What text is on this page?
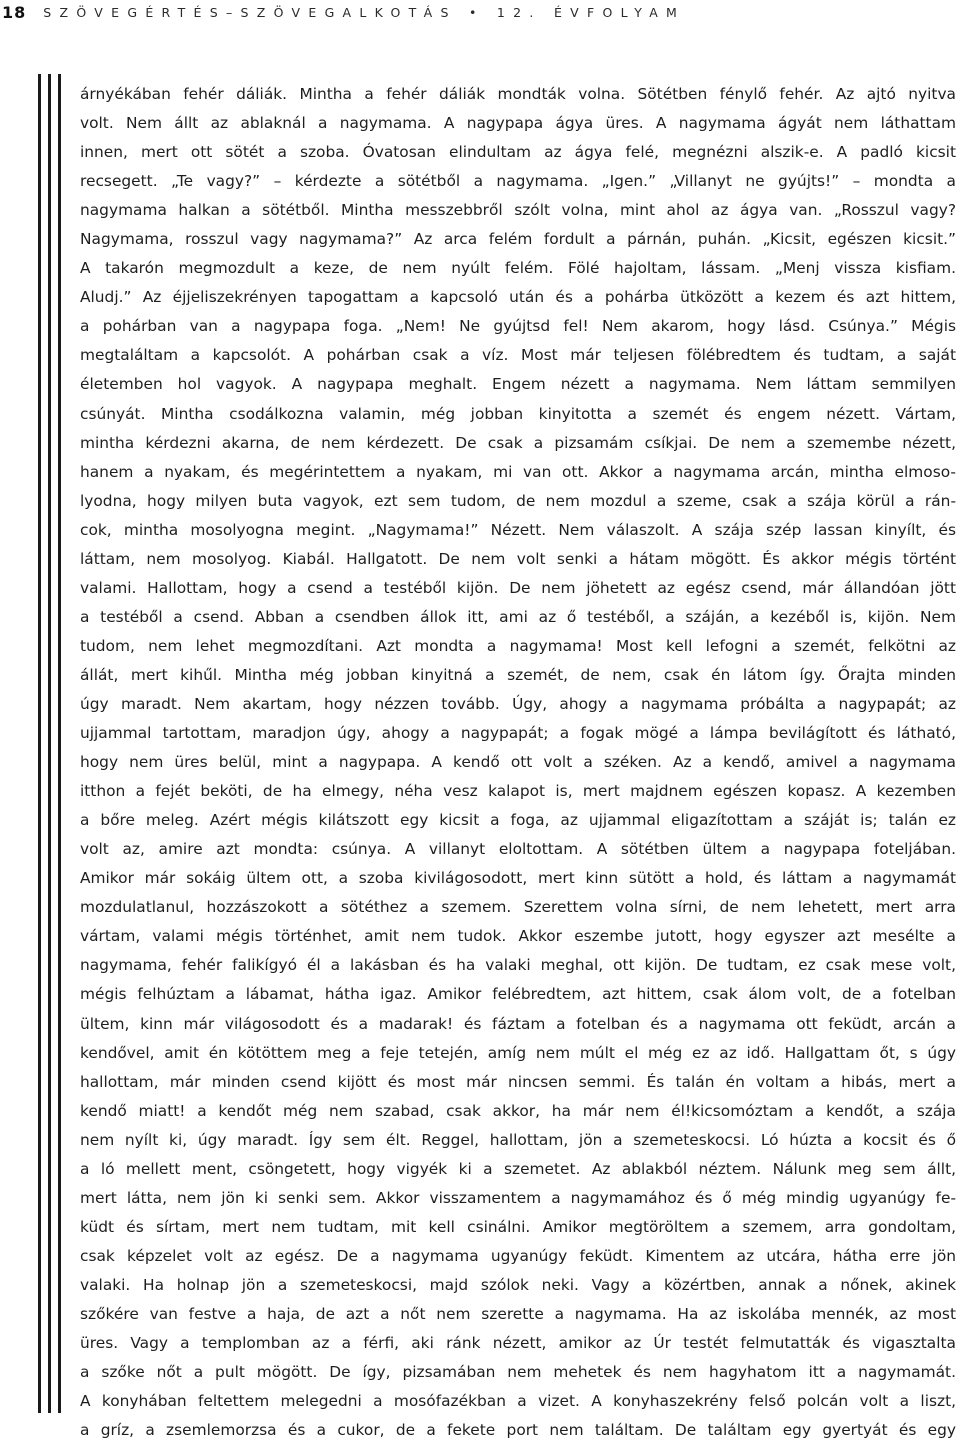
18 SZÖVEGÉRTÉS–SZÖVEGALKOTÁS • 12. ÉVFOLYAM
árnyékában fehér dáliák. Mintha a fehér dáliák mondták volna. Sötétben fénylő fehér. Az ajtó nyitva
volt. Nem állt az ablaknál a nagymama. A nagypapa ágya üres. A nagymama ágyát nem láthattam
innen, mert ott sötét a szoba. Óvatosan elindultam az ágya felé, megnézni alszik-e. A padló kicsit
recsegett. „Te vagy?” – kérdezte a sötétből a nagymama. „Igen.” „Villanyt ne gyújts!” – mondta a
nagymama halkan a sötétből. Mintha messzebbről szólt volna, mint ahol az ágya van. „Rosszul vagy?
Nagymama, rosszul vagy nagymama?” Az arca felém fordult a párnán, puhán. „Kicsit, egészen kicsit.”
A takarón megmozdult a keze, de nem nyúlt felém. Fölé hajoltam, lássam. „Menj vissza kisfiam.
Aludj.” Az éjjeliszekrényen tapogattam a kapcsoló után és a pohárba ütközött a kezem és azt hittem,
a pohárban van a nagypapa foga. „Nem! Ne gyújtsd fel! Nem akarom, hogy lásd. Csúnya.” Mégis
megtaláltam a kapcsolót. A pohárban csak a víz. Most már teljesen fölébredtem és tudtam, a saját
életemben hol vagyok. A nagypapa meghalt. Engem nézett a nagymama. Nem láttam semmilyen
csúnyát. Mintha csodálkozna valamin, még jobban kinyitotta a szemét és engem nézett. Vártam,
mintha kérdezni akarna, de nem kérdezett. De csak a pizsamám csíkjai. De nem a szemembe nézett,
hanem a nyakam, és megérintettem a nyakam, mi van ott. Akkor a nagymama arcán, mintha elmoso-
lyodna, hogy milyen buta vagyok, ezt sem tudom, de nem mozdul a szeme, csak a szája körül a rán-
cok, mintha mosolyogna megint. „Nagymama!” Nézett. Nem válaszolt. A szája szép lassan kinyílt, és
láttam, nem mosolyog. Kiabál. Hallgatott. De nem volt senki a hátam mögött. És akkor mégis történt
valami. Hallottam, hogy a csend a testéből kijön. De nem jöhetett az egész csend, már állandóan jött
a testéből a csend. Abban a csendben állok itt, ami az ő testéből, a száján, a kezéből is, kijön. Nem
tudom, nem lehet megmozdítani. Azt mondta a nagymama! Most kell lefogni a szemét, felkötni az
állát, mert kihűl. Mintha még jobban kinyitná a szemét, de nem, csak én látom így. Őrajta minden
úgy maradt. Nem akartam, hogy nézzen tovább. Úgy, ahogy a nagymama próbálta a nagypapát; az
ujjammal tartottam, maradjon úgy, ahogy a nagypapát; a fogak mögé a lámpa bevilágított és látható,
hogy nem üres belül, mint a nagypapa. A kendő ott volt a széken. Az a kendő, amivel a nagymama
itthon a fejét beköti, de ha elmegy, néha vesz kalapot is, mert majdnem egészen kopasz. A kezemben
a bőre meleg. Azért mégis kilátszott egy kicsit a foga, az ujjammal eligazítottam a száját is; talán ez
volt az, amire azt mondta: csúnya. A villanyt eloltottam. A sötétben ültem a nagypapa foteljában.
Amikor már sokáig ültem ott, a szoba kivilágosodott, mert kinn sütött a hold, és láttam a nagymamát
mozdulatlanul, hozzászokott a sötéthez a szemem. Szerettem volna sírni, de nem lehetett, mert arra
vártam, valami mégis történhet, amit nem tudok. Akkor eszembe jutott, hogy egyszer azt mesélte a
nagymama, fehér falikígyó él a lakásban és ha valaki meghal, ott kijön. De tudtam, ez csak mese volt,
mégis felhúztam a lábamat, hátha igaz. Amikor felébredtem, azt hittem, csak álom volt, de a fotelban
ültem, kinn már világosodott és a madarak! és fáztam a fotelban és a nagymama ott feküdt, arcán a
kendővel, amit én kötöttem meg a feje tetején, amíg nem múlt el még ez az idő. Hallgattam őt, s úgy
hallottam, már minden csend kijött és most már nincsen semmi. És talán én voltam a hibás, mert a
kendő miatt! a kendőt még nem szabad, csak akkor, ha már nem él!kicsomóztam a kendőt, a szája
nem nyílt ki, úgy maradt. Így sem élt. Reggel, hallottam, jön a szemeteskocsi. Ló húzta a kocsit és ő
a ló mellett ment, csöngetett, hogy vigyék ki a szemetet. Az ablakból néztem. Nálunk meg sem állt,
mert látta, nem jön ki senki sem. Akkor visszamentem a nagymamához és ő még mindig ugyanúgy fe-
küdt és sírtam, mert nem tudtam, mit kell csinálni. Amikor megtöröltem a szemem, arra gondoltam,
csak képzelet volt az egész. De a nagymama ugyanúgy feküdt. Kimentem az utcára, hátha erre jön
valaki. Ha holnap jön a szemeteskocsi, majd szólok neki. Vagy a közértben, annak a nőnek, akinek
szőkére van festve a haja, de azt a nőt nem szerette a nagymama. Ha az iskolába mennék, az most
üres. Vagy a templomban az a férfi, aki ránk nézett, amikor az Úr testét felmutatták és vigasztalta
a szőke nőt a pult mögött. De így, pizsamában nem mehetek és nem hagyhatom itt a nagymamát.
A konyhában feltettem melegedni a mosófazékban a vizet. A konyhaszekrény felső polcán volt a liszt,
a gríz, a zsemlemorzsa és a cukor, de a fekete port nem találtam. De találtam egy gyertyát és egy
